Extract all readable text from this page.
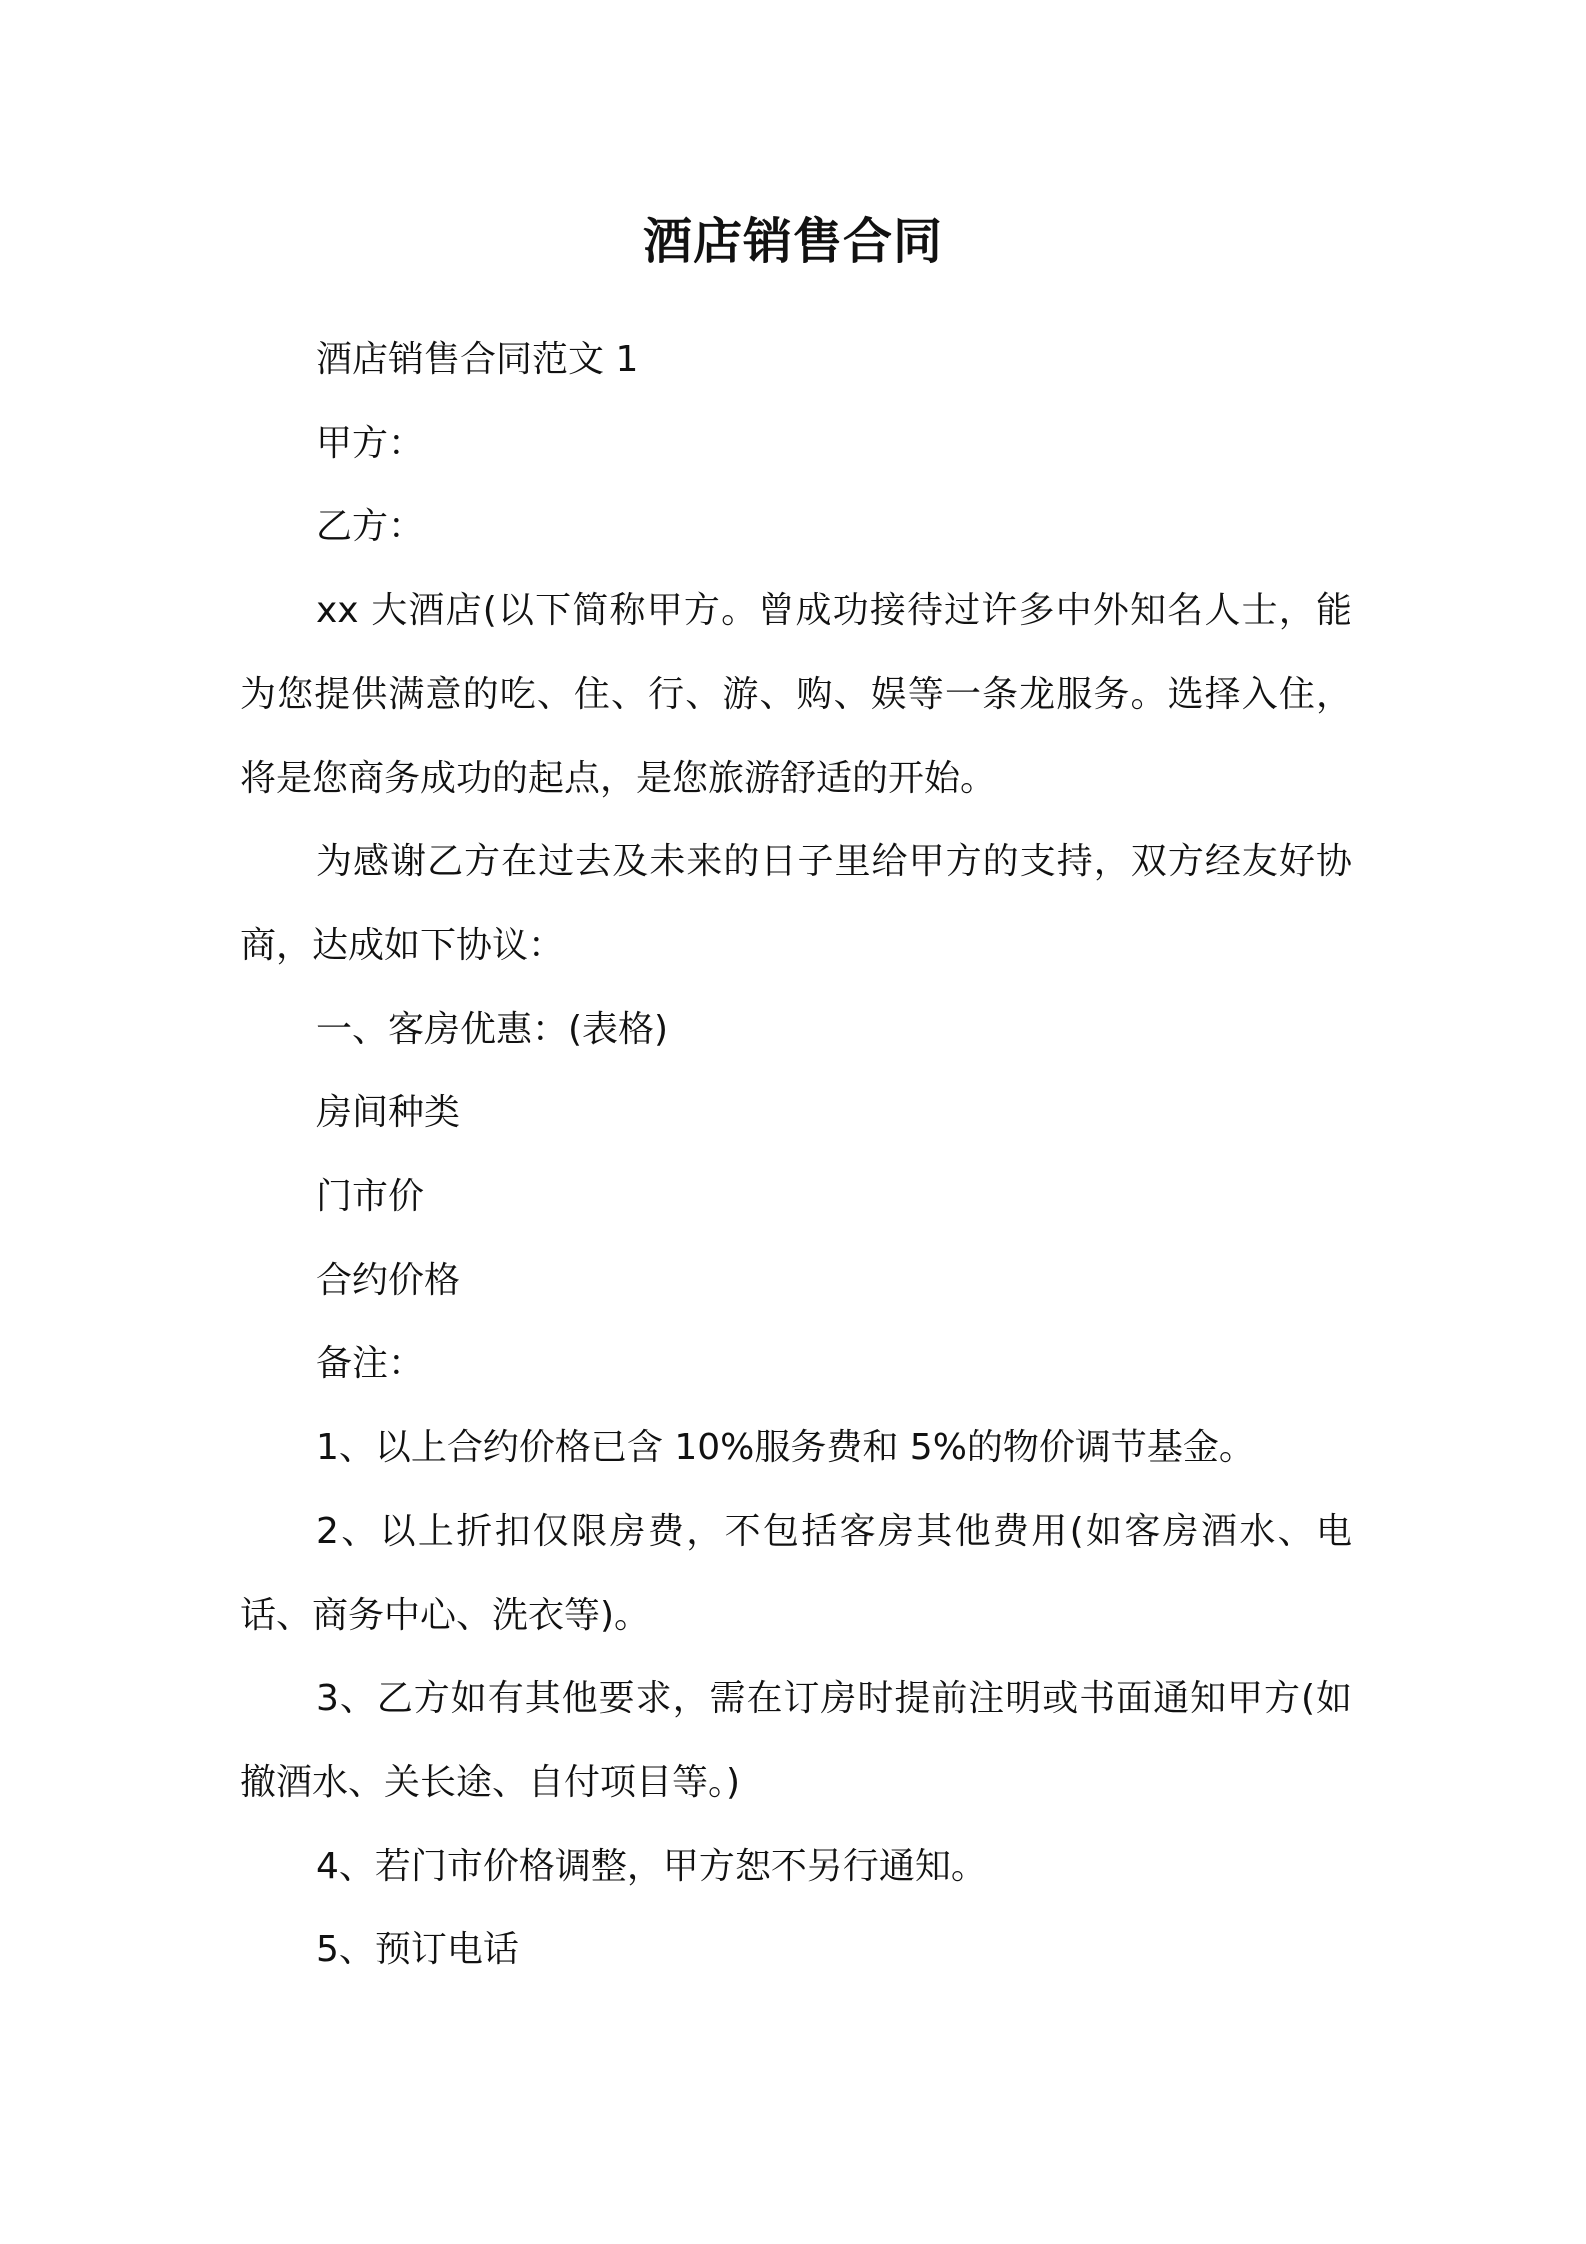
酒店销售合同

酒店销售合同范文 1

甲方：

乙方：

xx 大酒店(以下简称甲方。曾成功接待过许多中外知名人士，能为您提供满意的吃、住、行、游、购、娱等一条龙服务。选择入住，将是您商务成功的起点，是您旅游舒适的开始。

为感谢乙方在过去及未来的日子里给甲方的支持，双方经友好协商，达成如下协议：

一、客房优惠：(表格)

房间种类

门市价

合约价格

备注：

1、以上合约价格已含 10%服务费和 5%的物价调节基金。

2、以上折扣仅限房费，不包括客房其他费用(如客房酒水、电话、商务中心、洗衣等)。

3、乙方如有其他要求，需在订房时提前注明或书面通知甲方(如撤酒水、关长途、自付项目等。)

4、若门市价格调整，甲方恕不另行通知。

5、预订电话
